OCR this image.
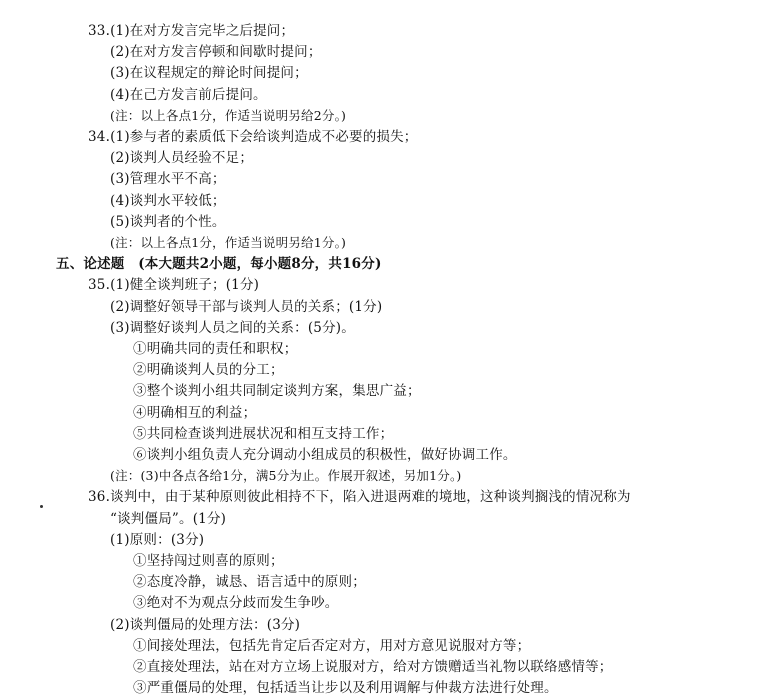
33.(1)在对方发言完毕之后提问；
(2)在对方发言停顿和间歇时提问；
(3)在议程规定的辩论时间提问；
(4)在己方发言前后提问。
(注：以上各点1分，作适当说明另给2分。)
34.(1)参与者的素质低下会给谈判造成不必要的损失；
(2)谈判人员经验不足；
(3)管理水平不高；
(4)谈判水平较低；
(5)谈判者的个性。
(注：以上各点1分，作适当说明另给1分。)
五、论述题　(本大题共2小题，每小题8分，共16分)
35.(1)健全谈判班子；(1分)
(2)调整好领导干部与谈判人员的关系；(1分)
(3)调整好谈判人员之间的关系：(5分)。
①明确共同的责任和职权；
②明确谈判人员的分工；
③整个谈判小组共同制定谈判方案，集思广益；
④明确相互的利益；
⑤共同检查谈判进展状况和相互支持工作；
⑥谈判小组负责人充分调动小组成员的积极性，做好协调工作。
(注：(3)中各点各给1分，满5分为止。作展开叙述，另加1分。)
36.谈判中，由于某种原则彼此相持不下，陷入进退两难的境地，这种谈判搁浅的情况称为
“谈判僵局”。(1分)
(1)原则：(3分)
①坚持闯过则喜的原则；
②态度冷静，诚恳、语言适中的原则；
③绝对不为观点分歧而发生争吵。
(2)谈判僵局的处理方法：(3分)
①间接处理法，包括先肯定后否定对方，用对方意见说服对方等；
②直接处理法，站在对方立场上说服对方，给对方馈赠适当礼物以联络感情等；
③严重僵局的处理，包括适当让步以及利用调解与仲裁方法进行处理。
